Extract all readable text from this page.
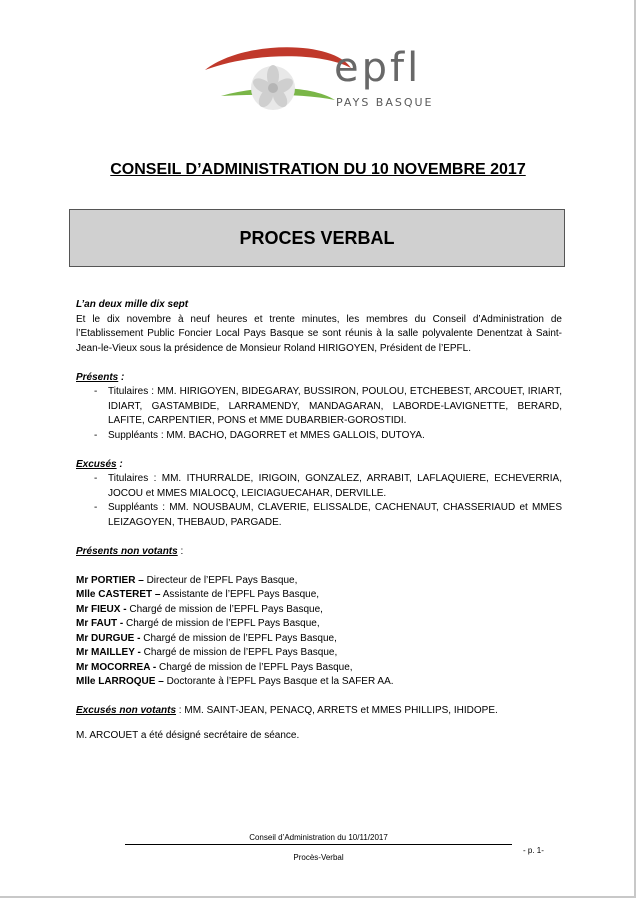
epfl
PAYS BASQUE
CONSEIL D’ADMINISTRATION DU 10 NOVEMBRE 2017
PROCES VERBAL
L’an deux mille dix sept
Et le dix novembre à neuf heures et trente minutes, les membres du Conseil d’Administration de l’Etablissement Public Foncier Local Pays Basque se sont réunis à la salle polyvalente Denentzat à Saint-Jean-le-Vieux sous la présidence de Monsieur Roland HIRIGOYEN, Président de l’EPFL.
Présents :
- Titulaires : MM. HIRIGOYEN, BIDEGARAY, BUSSIRON, POULOU, ETCHEBEST, ARCOUET, IRIART, IDIART, GASTAMBIDE, LARRAMENDY, MANDAGARAN, LABORDE-LAVIGNETTE, BERARD, LAFITE, CARPENTIER, PONS et MME DUBARBIER-GOROSTIDI.
- Suppléants : MM. BACHO, DAGORRET et MMES GALLOIS, DUTOYA.
Excusés :
- Titulaires : MM. ITHURRALDE, IRIGOIN, GONZALEZ, ARRABIT, LAFLAQUIERE, ECHEVERRIA, JOCOU et MMES MIALOCQ, LEICIAGUECAHAR, DERVILLE.
- Suppléants : MM. NOUSBAUM, CLAVERIE, ELISSALDE, CACHENAUT, CHASSERIAUD et MMES LEIZAGOYEN, THEBAUD, PARGADE.
Présents non votants :
Mr PORTIER – Directeur de l’EPFL Pays Basque,
Mlle CASTERET – Assistante de l’EPFL Pays Basque,
Mr FIEUX - Chargé de mission de l’EPFL Pays Basque,
Mr FAUT - Chargé de mission de l’EPFL Pays Basque,
Mr DURGUE - Chargé de mission de l’EPFL Pays Basque,
Mr MAILLEY - Chargé de mission de l’EPFL Pays Basque,
Mr MOCORREA - Chargé de mission de l’EPFL Pays Basque,
Mlle LARROQUE – Doctorante à l’EPFL Pays Basque et la SAFER AA.
Excusés non votants : MM. SAINT-JEAN, PENACQ, ARRETS et MMES PHILLIPS, IHIDOPE.
M. ARCOUET a été désigné secrétaire de séance.
Conseil d’Administration du 10/11/2017
Procès-Verbal
- p. 1-
